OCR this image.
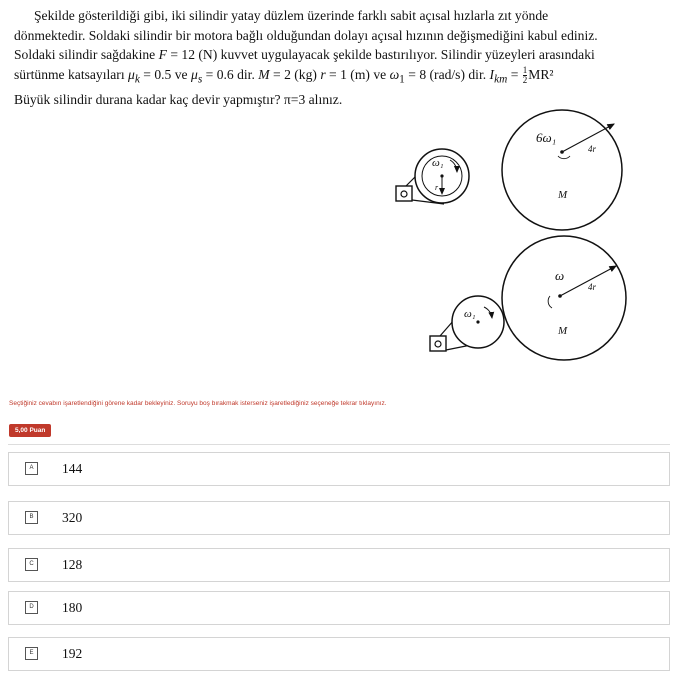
Şekilde gösterildiği gibi, iki silindir yatay düzlem üzerinde farklı sabit açısal hızlarla zıt yönde
dönmektedir. Soldaki silindir bir motora bağlı olduğundan dolayı açısal hızının değişmediğini kabul ediniz.
Soldaki silindir sağdakine F = 12 (N) kuvvet uygulayacak şekilde bastırılıyor. Silindir yüzeyleri arasındaki
sürtünme katsayıları $\mu_k = 0.5$ ve $\mu_s = 0.6$ dir. M = 2 (kg) r = 1 (m) ve $\omega_1 = 8$ (rad/s) dir. $I_{km} = \frac{1}{2} MR^2$
Büyük silindir durana kadar kaç devir yapmıştır? π=3 alınız.
ω₁
r
6ω₁
4r
M
ω₁
ω
4r
M
Seçtiğiniz cevabın işaretlendiğini görene kadar bekleyiniz. Soruyu boş bırakmak isterseniz işaretlediğiniz seçeneğe tekrar tıklayınız.
5,00 Puan
A	144
B	320
C	128
D	180
E	192
